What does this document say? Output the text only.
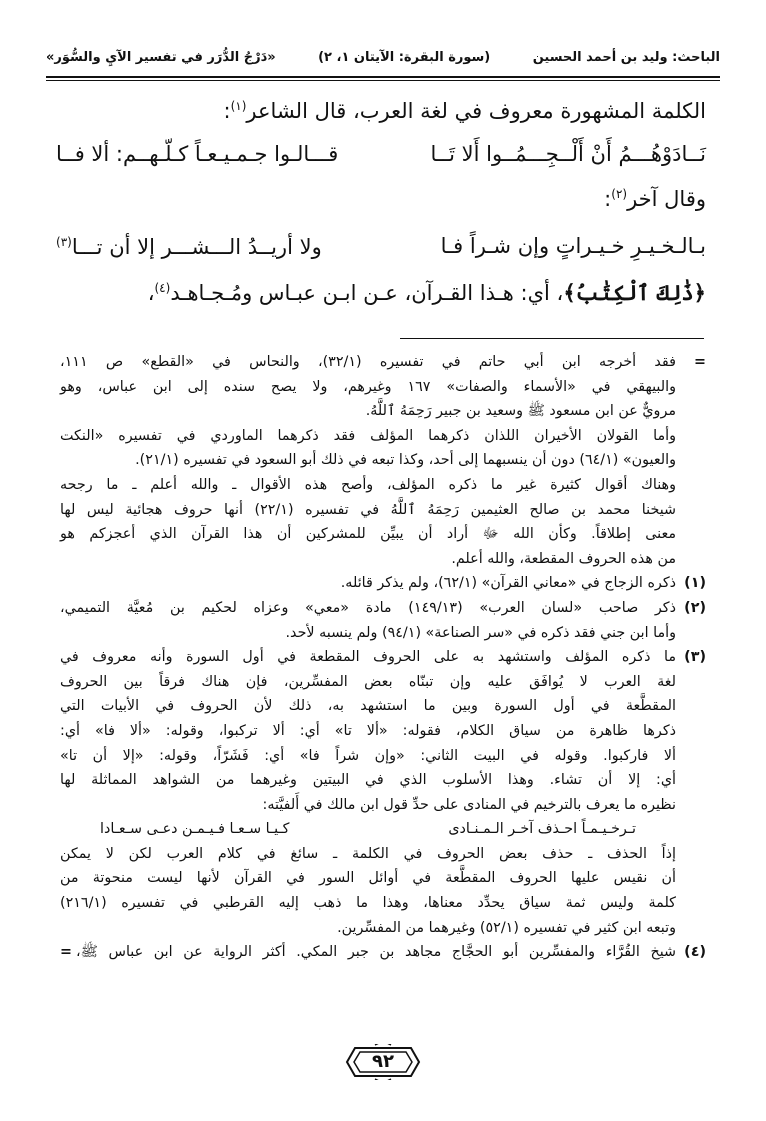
الباحث: وليد بن أحمد الحسين
(سورة البقرة: الآيتان ١، ٢)
«دَرْجُ الدُّرَر في تفسير الآيِ والسُّوَر»
الكلمة المشهورة معروف في لغة العرب، قال الشاعر$^{(١)}$:
نَــادَوْهُـــمُ أَنْ أَلْــجِـــمُــوا أَلا تَــا
قـــالـوا جـمـيـعـاً كـلّـهــم: ألا فــا
وقال آخر$^{(٢)}$:
بـالـخـيـرِ خـيـراتٍ وإن شـراً فـا
ولا أريــدُ الـــشـــر إلا أن تـــا$^{(٣)}$
﴿ذَٰلِكَ ٱلْكِتَٰبُ﴾، أي: هـذا القـرآن، عـن ابـن عبـاس ومُـجـاهـد$^{(٤)}$،
=
فقد أخرجه ابن أبي حاتم في تفسيره (٣٢/١)، والنحاس في «القطع» ص ١١١،
والبيهقي في «الأسماء والصفات» ١٦٧ وغيرهم، ولا يصح سنده إلى ابن عباس، وهو
مرويٌّ عن ابن مسعود ﷺ وسعيد بن جبير رَحِمَهُ ٱللَّهُ.
وأما القولان الأخيران اللذان ذكرهما المؤلف فقد ذكرهما الماوردي في تفسيره «النكت
والعيون» (٦٤/١) دون أن ينسبهما إلى أحد، وكذا تبعه في ذلك أبو السعود في تفسيره (٢١/١).
وهناك أقوال كثيرة غير ما ذكره المؤلف، وأصح هذه الأقوال ـ والله أعلم ـ ما رجحه
شيخنا محمد بن صالح العثيمين رَحِمَهُ ٱللَّهُ في تفسيره (٢٢/١) أنها حروف هجائية ليس لها
معنى إطلاقاً. وكأن الله ﷻ أراد أن يبيِّن للمشركين أن هذا القرآن الذي أعجزكم هو
من هذه الحروف المقطعة، والله أعلم.
(١)
ذكره الزجاج في «معاني القرآن» (٦٢/١)، ولم يذكر قائله.
(٢)
ذكر صاحب «لسان العرب» (١٤٩/١٣) مادة «معي» وعزاه لحكيم بن مُعيَّة التميمي،
وأما ابن جني فقد ذكره في «سر الصناعة» (٩٤/١) ولم ينسبه لأحد.
(٣)
ما ذكره المؤلف واستشهد به على الحروف المقطعة في أول السورة وأنه معروف في
لغة العرب لا يُوافَق عليه وإن تبنّاه بعض المفسِّرين، فإن هناك فرقاً بين الحروف
المقطَّعة في أول السورة وبين ما استشهد به، ذلك لأن الحروف في الأبيات التي
ذكرها ظاهرة من سياق الكلام، فقوله: «ألا تا» أي: ألا تركبوا، وقوله: «ألا فا» أي:
ألا فاركبوا. وقوله في البيت الثاني: «وإن شراً فا» أي: فَشَرّاً، وقوله: «إلا أن تا»
أي: إلا أن تشاء. وهذا الأسلوب الذي في البيتين وغيرهما من الشواهد المماثلة لها
نظيره ما يعرف بالترخيم في المنادى على حدِّ قول ابن مالك في أَلفيَّته:
تـرخـيـمـاً احـذف آخـر الـمـنـادى
كـيـا سـعـا فـيـمـن دعـى سـعـادا
إذاً الحذف ـ حذف بعض الحروف في الكلمة ـ سائغ في كلام العرب لكن لا يمكن
أن نقيس عليها الحروف المقطَّعة في أوائل السور في القرآن لأنها ليست منحوتة من
كلمة وليس ثمة سياق يحدِّد معناها، وهذا ما ذهب إليه القرطبي في تفسيره (٢١٦/١)
وتبعه ابن كثير في تفسيره (٥٢/١) وغيرهما من المفسِّرين.
(٤)
شيخ القُرَّاء والمفسِّرين أبو الحجَّاج مجاهد بن جبر المكي. أكثر الرواية عن ابن عباس ﷺ،
=
٩٢
